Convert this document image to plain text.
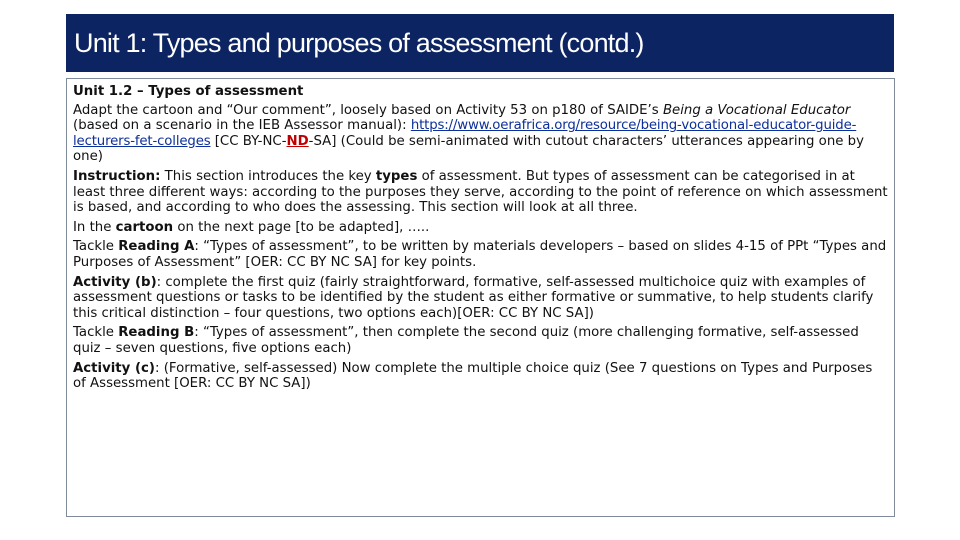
Unit 1: Types and purposes of assessment (contd.)

Unit 1.2 – Types of assessment

Adapt the cartoon and “Our comment”, loosely based on Activity 53 on p180 of SAIDE’s Being a Vocational Educator (based on a scenario in the IEB Assessor manual): https://www.oerafrica.org/resource/being-vocational-educator-guide-lecturers-fet-colleges [CC BY-NC-ND-SA] (Could be semi-animated with cutout characters’ utterances appearing one by one)

Instruction: This section introduces the key types of assessment. But types of assessment can be categorised in at least three different ways: according to the purposes they serve, according to the point of reference on which assessment is based, and according to who does the assessing. This section will look at all three.

In the cartoon on the next page [to be adapted], …..

Tackle Reading A: “Types of assessment”, to be written by materials developers – based on slides 4-15 of PPt “Types and Purposes of Assessment” [OER: CC BY NC SA] for key points.

Activity (b): complete the first quiz (fairly straightforward, formative, self-assessed multichoice quiz with examples of assessment questions or tasks to be identified by the student as either formative or summative, to help students clarify this critical distinction – four questions, two options each)[OER: CC BY NC SA])

Tackle Reading B: “Types of assessment”, then complete the second quiz (more challenging formative, self-assessed quiz – seven questions, five options each)

Activity (c): (Formative, self-assessed) Now complete the multiple choice quiz (See 7 questions on Types and Purposes of Assessment [OER: CC BY NC SA])
